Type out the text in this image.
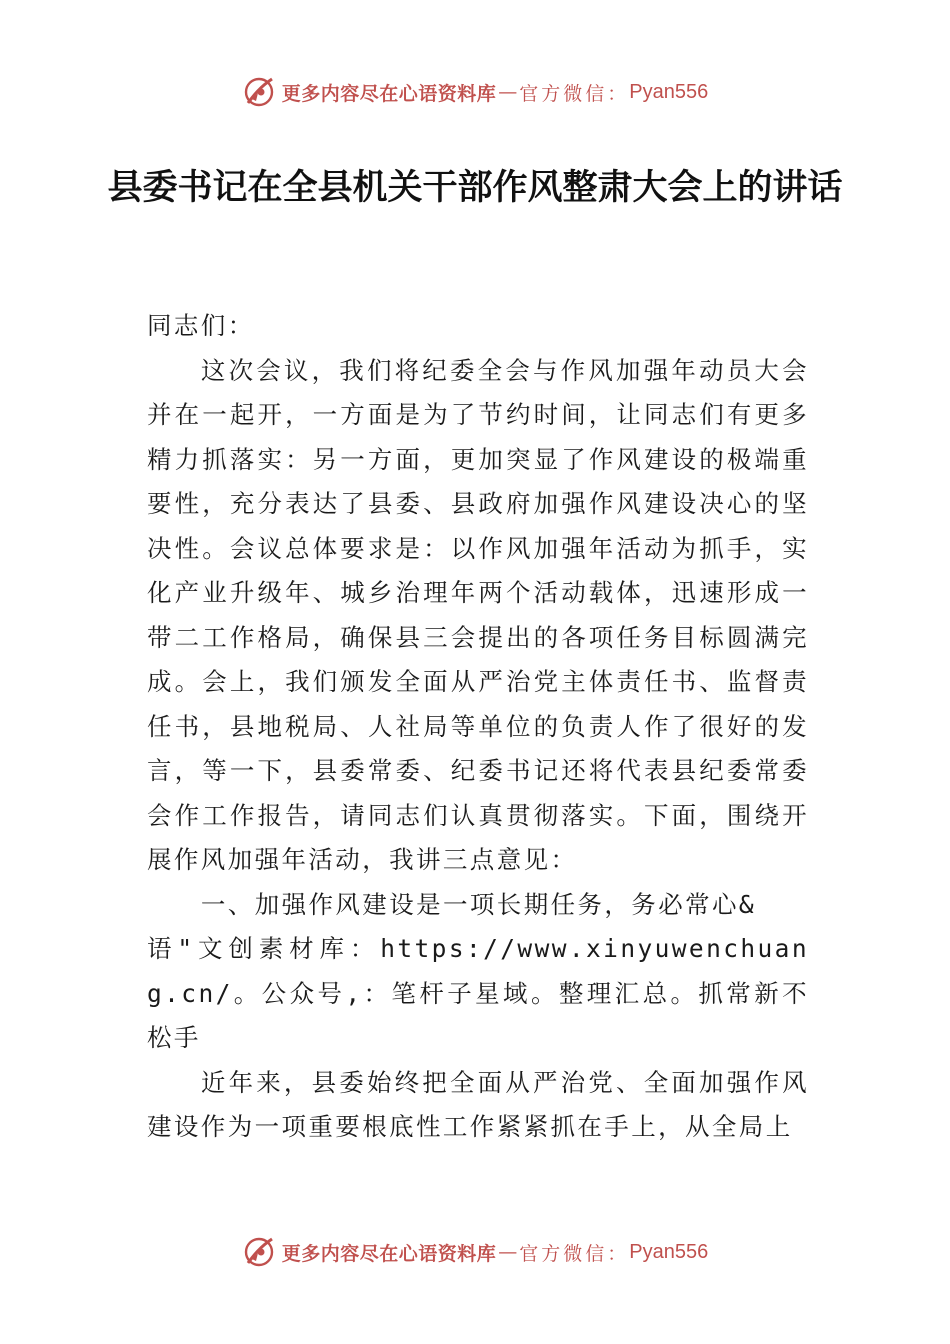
更多内容尽在心语资料库 — 官方微信： Pyan556
县委书记在全县机关干部作风整肃大会上的讲话

同志们：

这次会议，我们将纪委全会与作风加强年动员大会并在一起开，一方面是为了节约时间，让同志们有更多精力抓落实：另一方面，更加突显了作风建设的极端重要性，充分表达了县委、县政府加强作风建设决心的坚决性。会议总体要求是：以作风加强年活动为抓手，实化产业升级年、城乡治理年两个活动载体，迅速形成一带二工作格局，确保县三会提出的各项任务目标圆满完成。会上，我们颁发全面从严治党主体责任书、监督责任书，县地税局、人社局等单位的负责人作了很好的发言，等一下，县委常委、纪委书记还将代表县纪委常委会作工作报告，请同志们认真贯彻落实。下面，围绕开展作风加强年活动，我讲三点意见：

一、加强作风建设是一项长期任务，务必常心&

语"文创素材库：https://www.xinyuwenchuang.cn/。公众号,：笔杆子星域。整理汇总。抓常新不松手

近年来，县委始终把全面从严治党、全面加强作风建设作为一项重要根底性工作紧紧抓在手上，从全局上

更多内容尽在心语资料库 — 官方微信： Pyan556
